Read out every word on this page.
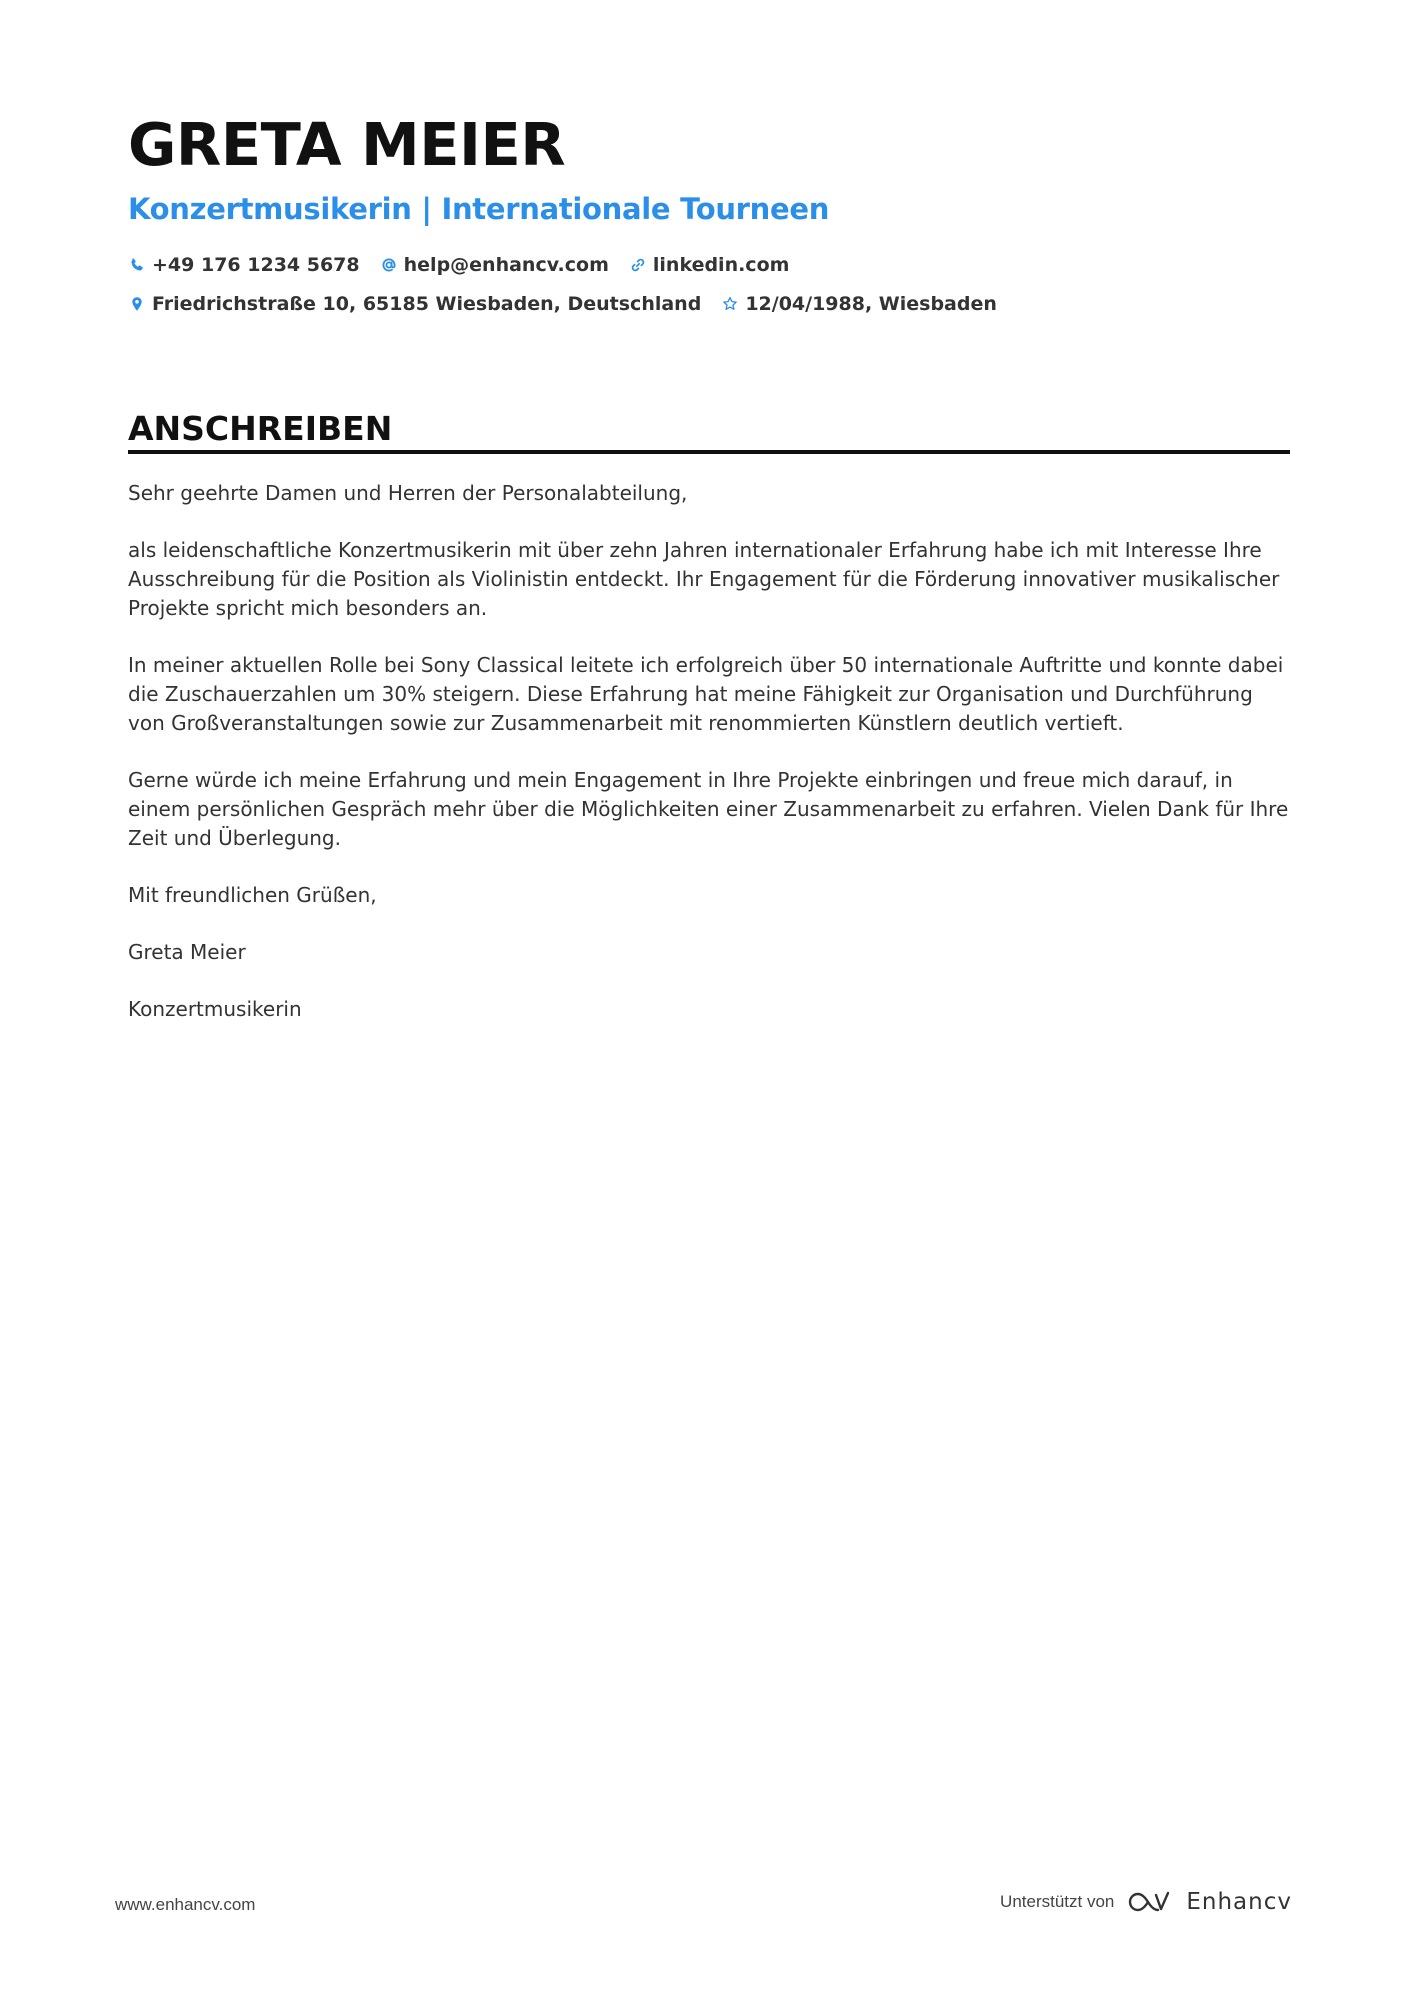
GRETA MEIER
Konzertmusikerin | Internationale Tourneen
+49 176 1234 5678 help@enhancv.com linkedin.com
Friedrichstraße 10, 65185 Wiesbaden, Deutschland 12/04/1988, Wiesbaden
ANSCHREIBEN

Sehr geehrte Damen und Herren der Personalabteilung,

als leidenschaftliche Konzertmusikerin mit über zehn Jahren internationaler Erfahrung habe ich mit Interesse Ihre Ausschreibung für die Position als Violinistin entdeckt. Ihr Engagement für die Förderung innovativer musikalischer Projekte spricht mich besonders an.

In meiner aktuellen Rolle bei Sony Classical leitete ich erfolgreich über 50 internationale Auftritte und konnte dabei die Zuschauerzahlen um 30% steigern. Diese Erfahrung hat meine Fähigkeit zur Organisation und Durchführung von Großveranstaltungen sowie zur Zusammenarbeit mit renommierten Künstlern deutlich vertieft.

Gerne würde ich meine Erfahrung und mein Engagement in Ihre Projekte einbringen und freue mich darauf, in einem persönlichen Gespräch mehr über die Möglichkeiten einer Zusammenarbeit zu erfahren. Vielen Dank für Ihre Zeit und Überlegung.

Mit freundlichen Grüßen,

Greta Meier

Konzertmusikerin

www.enhancv.com	Unterstützt von	Enhancv
